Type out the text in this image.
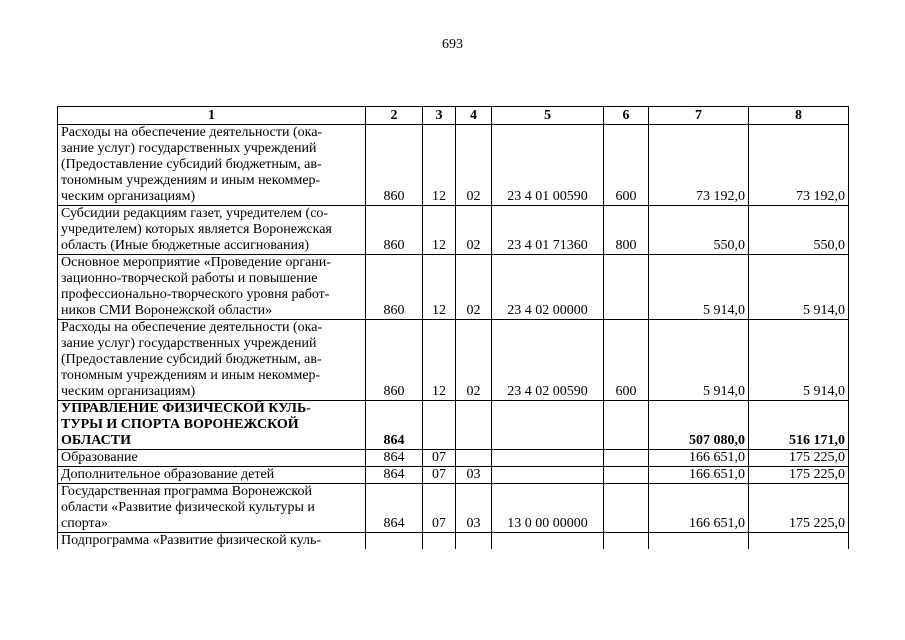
693
1	2	3	4	5	6	7	8
Расходы на обеспечение деятельности (ока-
зание услуг) государственных учреждений
(Предоставление субсидий бюджетным, ав-
тономным учреждениям и иным некоммер-
ческим организациям)	860	12	02	23 4 01 00590	600	73 192,0	73 192,0
Субсидии редакциям газет, учредителем (со-
учредителем) которых является Воронежская
область (Иные бюджетные ассигнования)	860	12	02	23 4 01 71360	800	550,0	550,0
Основное мероприятие «Проведение органи-
зационно-творческой работы и повышение
профессионально-творческого уровня работ-
ников СМИ Воронежской области»	860	12	02	23 4 02 00000		5 914,0	5 914,0
Расходы на обеспечение деятельности (ока-
зание услуг) государственных учреждений
(Предоставление субсидий бюджетным, ав-
тономным учреждениям и иным некоммер-
ческим организациям)	860	12	02	23 4 02 00590	600	5 914,0	5 914,0
УПРАВЛЕНИЕ ФИЗИЧЕСКОЙ КУЛЬ-
ТУРЫ И СПОРТА ВОРОНЕЖСКОЙ
ОБЛАСТИ	864					507 080,0	516 171,0
Образование	864	07				166 651,0	175 225,0
Дополнительное образование детей	864	07	03			166 651,0	175 225,0
Государственная программа Воронежской
области «Развитие физической культуры и
спорта»	864	07	03	13 0 00 00000		166 651,0	175 225,0
Подпрограмма «Развитие физической куль-							
